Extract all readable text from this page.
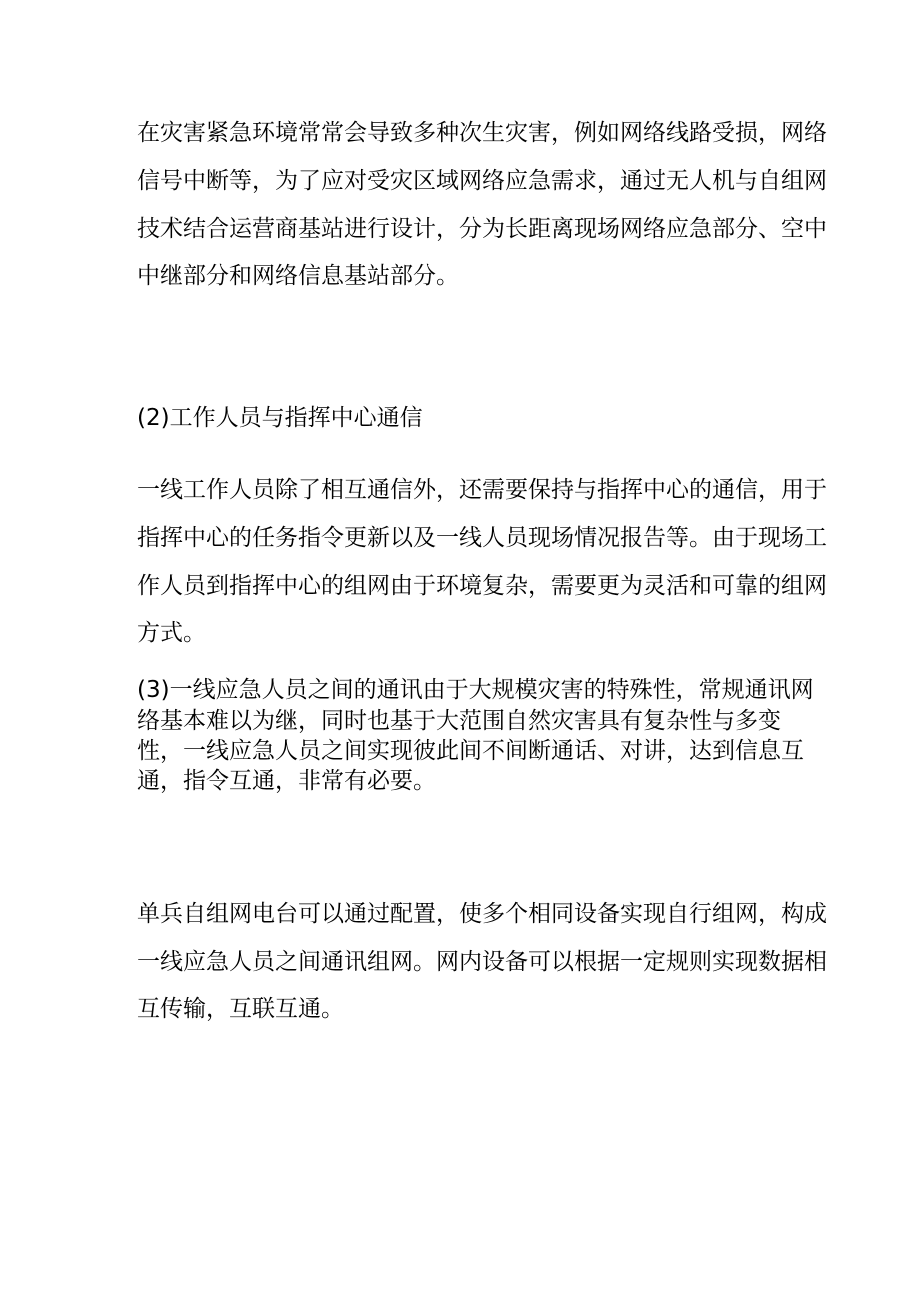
在灾害紧急环境常常会导致多种次生灾害，例如网络线路受损，网络
信号中断等，为了应对受灾区域网络应急需求，通过无人机与自组网
技术结合运营商基站进行设计，分为长距离现场网络应急部分、空中
中继部分和网络信息基站部分。
(2)工作人员与指挥中心通信
一线工作人员除了相互通信外，还需要保持与指挥中心的通信，用于
指挥中心的任务指令更新以及一线人员现场情况报告等。由于现场工
作人员到指挥中心的组网由于环境复杂，需要更为灵活和可靠的组网
方式。
(3)一线应急人员之间的通讯由于大规模灾害的特殊性，常规通讯网
络基本难以为继，同时也基于大范围自然灾害具有复杂性与多变
性，一线应急人员之间实现彼此间不间断通话、对讲，达到信息互
通，指令互通，非常有必要。
单兵自组网电台可以通过配置，使多个相同设备实现自行组网，构成
一线应急人员之间通讯组网。网内设备可以根据一定规则实现数据相
互传输，互联互通。
